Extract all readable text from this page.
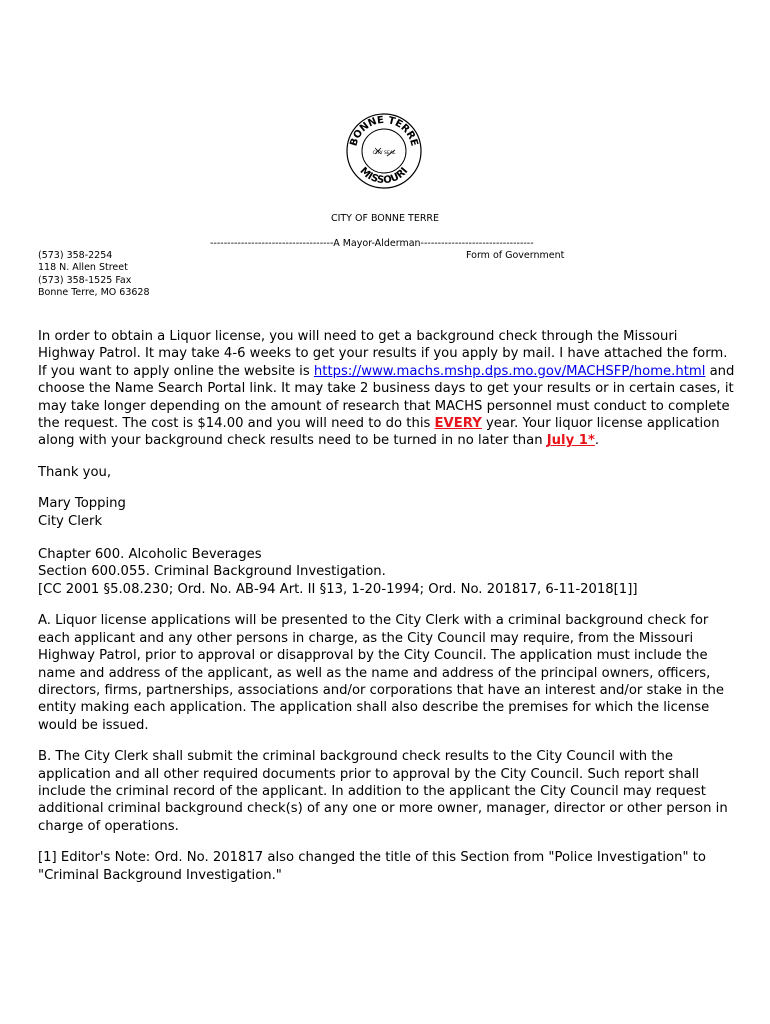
BONNE TERRE
MISSOURI
CITY SEAL
CITY OF BONNE TERRE
------------------------------------A Mayor-Alderman---------------------------------
Form of Government
(573) 358-2254
118 N. Allen Street
(573) 358-1525 Fax
Bonne Terre, MO 63628

In order to obtain a Liquor license, you will need to get a background check through the Missouri Highway Patrol. It may take 4-6 weeks to get your results if you apply by mail. I have attached the form. If you want to apply online the website is https://www.machs.mshp.dps.mo.gov/MACHSFP/home.html and choose the Name Search Portal link. It may take 2 business days to get your results or in certain cases, it may take longer depending on the amount of research that MACHS personnel must conduct to complete the request. The cost is $14.00 and you will need to do this EVERY year. Your liquor license application along with your background check results need to be turned in no later than July 1*.

Thank you,

Mary Topping

City Clerk

Chapter 600. Alcoholic Beverages

Section 600.055. Criminal Background Investigation.

[CC 2001 §5.08.230; Ord. No. AB-94 Art. II §13, 1-20-1994; Ord. No. 201817, 6-11-2018[1]]

A. Liquor license applications will be presented to the City Clerk with a criminal background check for each applicant and any other persons in charge, as the City Council may require, from the Missouri Highway Patrol, prior to approval or disapproval by the City Council. The application must include the name and address of the applicant, as well as the name and address of the principal owners, officers, directors, firms, partnerships, associations and/or corporations that have an interest and/or stake in the entity making each application. The application shall also describe the premises for which the license would be issued.

B. The City Clerk shall submit the criminal background check results to the City Council with the application and all other required documents prior to approval by the City Council. Such report shall include the criminal record of the applicant. In addition to the applicant the City Council may request additional criminal background check(s) of any one or more owner, manager, director or other person in charge of operations.

[1] Editor's Note: Ord. No. 201817 also changed the title of this Section from "Police Investigation" to "Criminal Background Investigation."
